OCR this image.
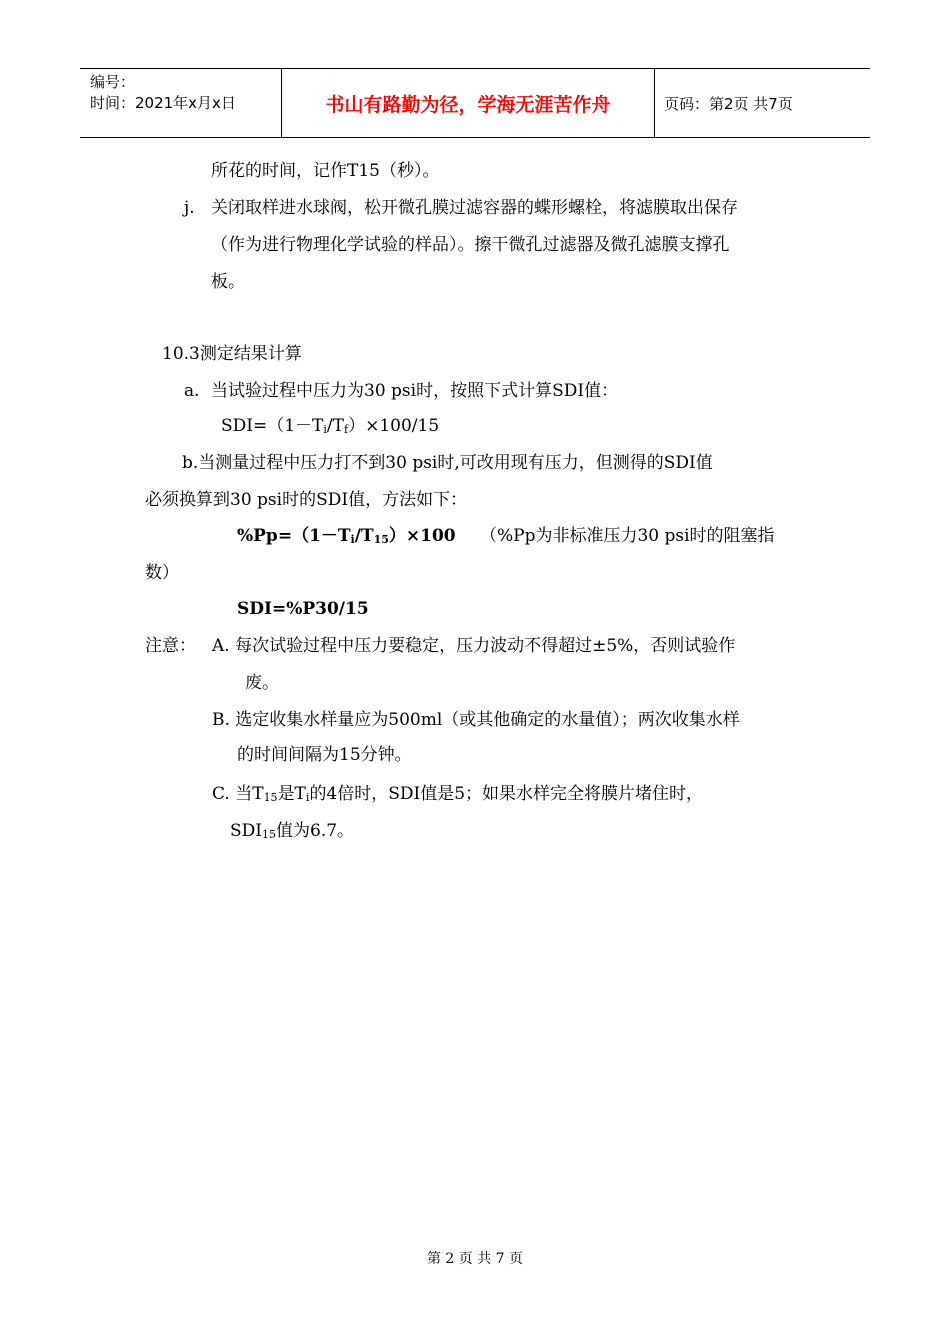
编号：
时间：2021年x月x日	书山有路勤为径，学海无涯苦作舟	页码：第2页 共7页
所花的时间，记作T15（秒）。
j. 关闭取样进水球阀，松开微孔膜过滤容器的蝶形螺栓，将滤膜取出保存
（作为进行物理化学试验的样品）。擦干微孔过滤器及微孔滤膜支撑孔
板。
10.3测定结果计算
a. 当试验过程中压力为30 psi时，按照下式计算SDI值：
$SDI=(1-T_i/T_f)\times 100/15$
b.当测量过程中压力打不到30 psi时,可改用现有压力，但测得的SDI值
必须换算到30 psi时的SDI值，方法如下：
$\%Pp=(1-T_i/T_{15})\times 100$ （%Pp为非标准压力30 psi时的阻塞指
数）
SDI=%P30/15
注意： A. 每次试验过程中压力要稳定，压力波动不得超过±5%，否则试验作
废。
B. 选定收集水样量应为500ml（或其他确定的水量值）；两次收集水样
的时间间隔为15分钟。
C. 当$T_{15}$是$T_i$的4倍时，SDI值是5；如果水样完全将膜片堵住时，
$SDI_{15}$值为6.7。
第 2 页 共 7 页
